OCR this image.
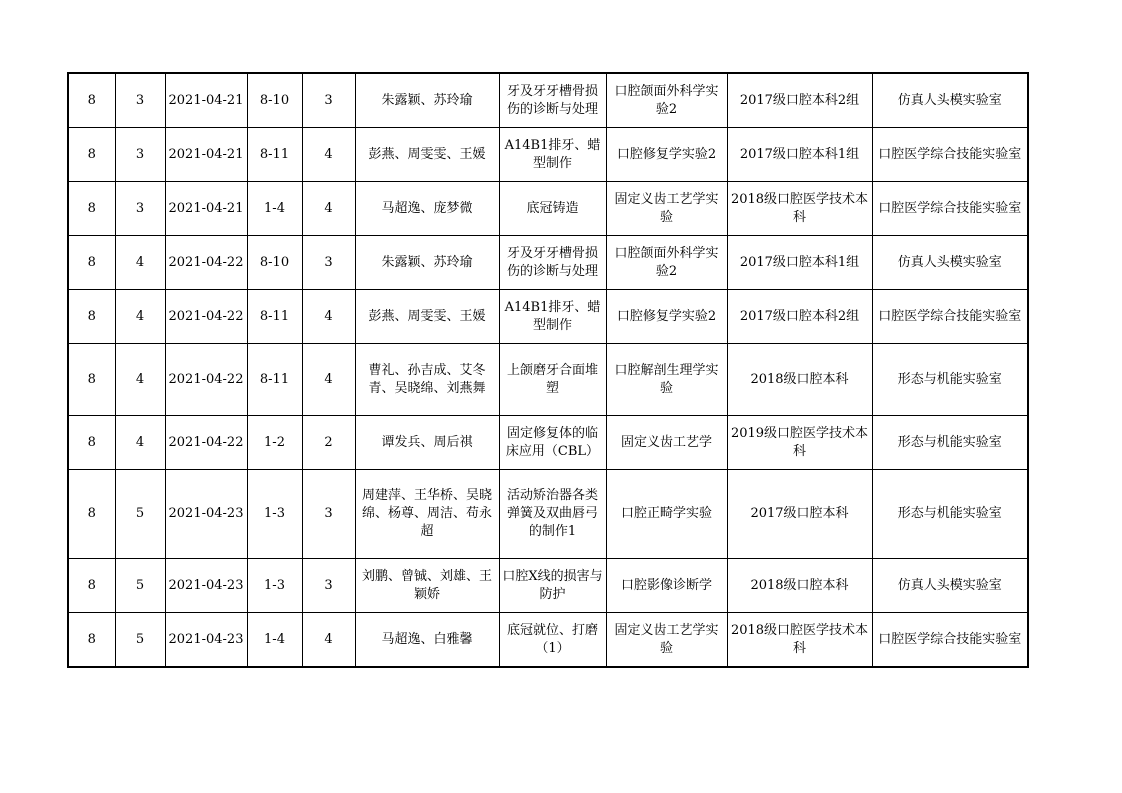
8	3	2021-04-21	8-10	3	朱露颖、苏玲瑜	牙及牙牙槽骨损伤的诊断与处理	口腔颌面外科学实验2	2017级口腔本科2组	仿真人头模实验室
8	3	2021-04-21	8-11	4	彭燕、周雯雯、王媛	A14B1排牙、蜡型制作	口腔修复学实验2	2017级口腔本科1组	口腔医学综合技能实验室
8	3	2021-04-21	1-4	4	马超逸、庞梦微	底冠铸造	固定义齿工艺学实验	2018级口腔医学技术本科	口腔医学综合技能实验室
8	4	2021-04-22	8-10	3	朱露颖、苏玲瑜	牙及牙牙槽骨损伤的诊断与处理	口腔颌面外科学实验2	2017级口腔本科1组	仿真人头模实验室
8	4	2021-04-22	8-11	4	彭燕、周雯雯、王媛	A14B1排牙、蜡型制作	口腔修复学实验2	2017级口腔本科2组	口腔医学综合技能实验室
8	4	2021-04-22	8-11	4	曹礼、孙吉成、艾冬青、吴晓绵、刘燕舞	上颌磨牙合面堆塑	口腔解剖生理学实验	2018级口腔本科	形态与机能实验室
8	4	2021-04-22	1-2	2	谭发兵、周后祺	固定修复体的临床应用（CBL）	固定义齿工艺学	2019级口腔医学技术本科	形态与机能实验室
8	5	2021-04-23	1-3	3	周建萍、王华桥、吴晓绵、杨尊、周洁、苟永超	活动矫治器各类弹簧及双曲唇弓的制作1	口腔正畸学实验	2017级口腔本科	形态与机能实验室
8	5	2021-04-23	1-3	3	刘鹏、曾铖、刘雄、王颖娇	口腔X线的损害与防护	口腔影像诊断学	2018级口腔本科	仿真人头模实验室
8	5	2021-04-23	1-4	4	马超逸、白雅馨	底冠就位、打磨（1）	固定义齿工艺学实验	2018级口腔医学技术本科	口腔医学综合技能实验室
